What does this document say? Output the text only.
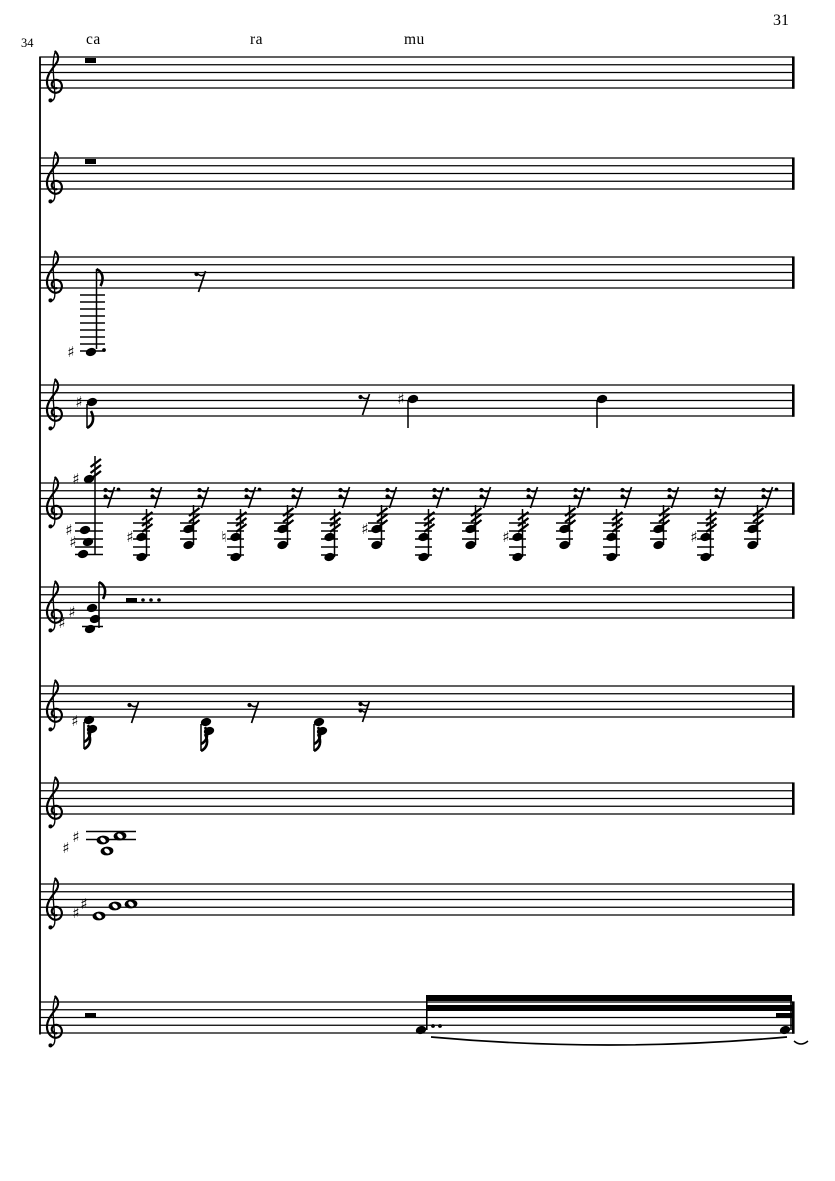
31
34	ca	ra	mu
♯
♯	♯
♯
♯
♯	♯	♮	♯	♯	♯
♯
♯
♯
♯
♯
♯
♯
